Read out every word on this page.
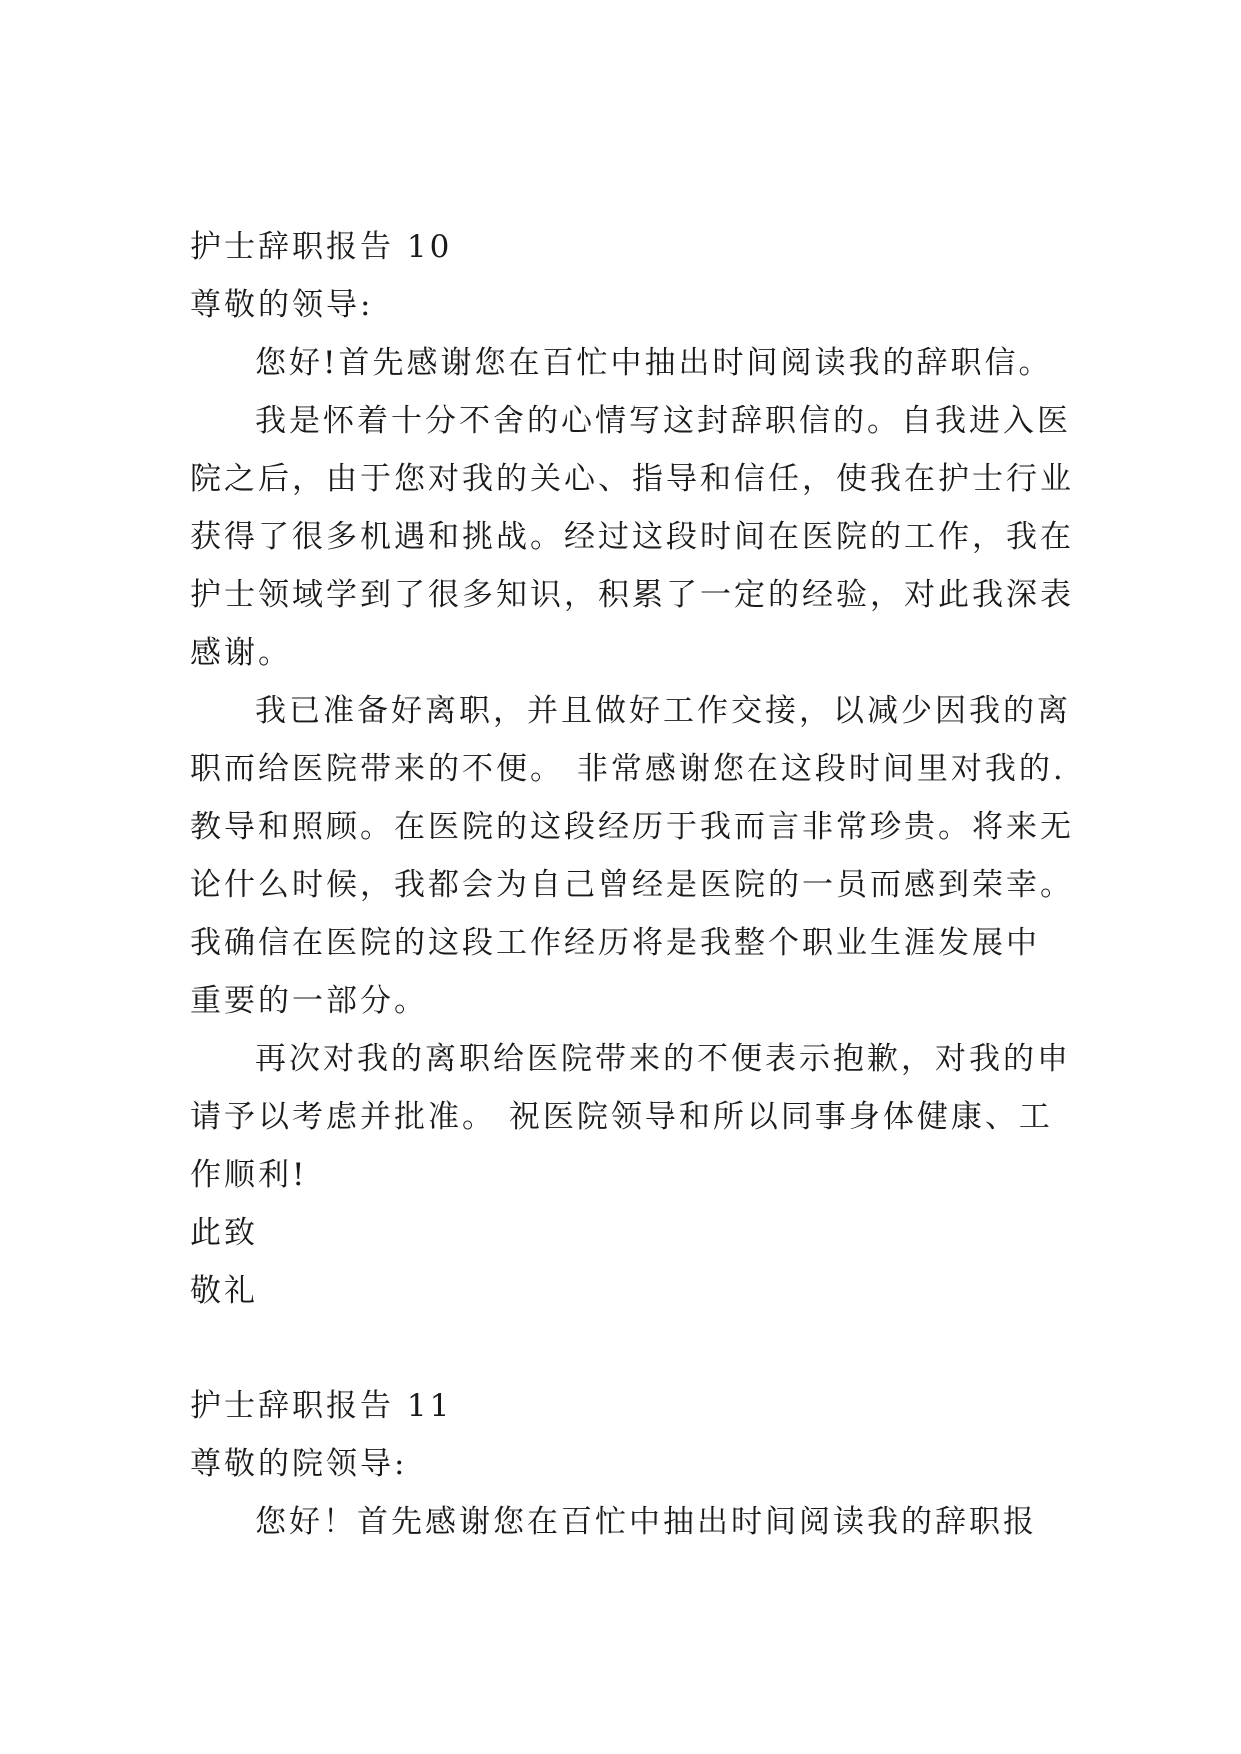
护士辞职报告 10

尊敬的领导:

您好!首先感谢您在百忙中抽出时间阅读我的辞职信。

我是怀着十分不舍的心情写这封辞职信的。自我进入医

院之后，由于您对我的关心、指导和信任，使我在护士行业

获得了很多机遇和挑战。经过这段时间在医院的工作，我在

护士领域学到了很多知识，积累了一定的经验，对此我深表

感谢。

我已准备好离职，并且做好工作交接，以减少因我的离

职而给医院带来的不便。 非常感谢您在这段时间里对我的.

教导和照顾。在医院的这段经历于我而言非常珍贵。将来无

论什么时候，我都会为自己曾经是医院的一员而感到荣幸。

我确信在医院的这段工作经历将是我整个职业生涯发展中

重要的一部分。

再次对我的离职给医院带来的不便表示抱歉，对我的申

请予以考虑并批准。 祝医院领导和所以同事身体健康、工

作顺利!

此致

敬礼

护士辞职报告 11

尊敬的院领导:

您好！首先感谢您在百忙中抽出时间阅读我的辞职报
